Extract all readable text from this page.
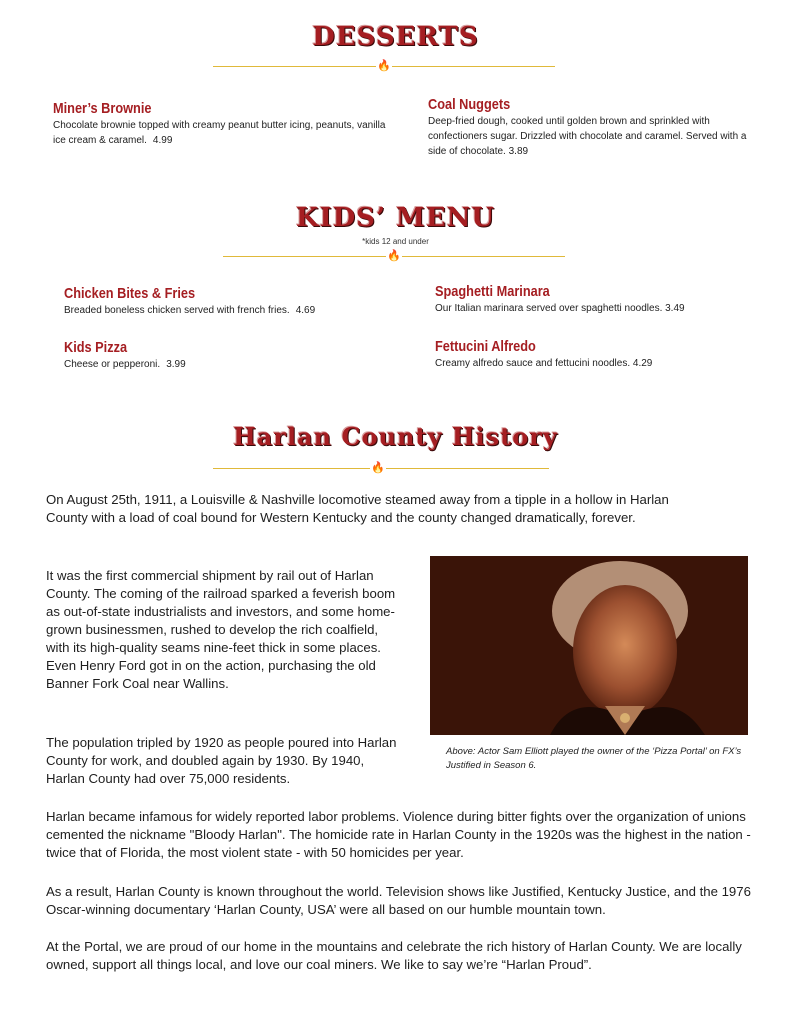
DESSERTS
🔥
Miner’s Brownie

Chocolate brownie topped with creamy peanut butter icing, peanuts, vanilla ice cream & caramel. 4.99

Coal Nuggets

Deep-fried dough, cooked until golden brown and sprinkled with confectioners sugar. Drizzled with chocolate and caramel. Served with a side of chocolate. 3.89

KIDS’ MENU

*kids 12 and under

🔥
Chicken Bites & Fries

Breaded boneless chicken served with french fries. 4.69

Spaghetti Marinara

Our Italian marinara served over spaghetti noodles. 3.49

Kids Pizza

Cheese or pepperoni. 3.99

Fettucini Alfredo

Creamy alfredo sauce and fettucini noodles. 4.29

Harlan County History
🔥

On August 25th, 1911, a Louisville & Nashville locomotive steamed away from a tipple in a hollow in Harlan County with a load of coal bound for Western Kentucky and the county changed dramatically, forever.

It was the first commercial shipment by rail out of Harlan County. The coming of the railroad sparked a feverish boom as out-of-state industrialists and investors, and some home-grown businessmen, rushed to develop the rich coalfield, with its high-quality seams nine-feet thick in some places. Even Henry Ford got in on the action, purchasing the old Banner Fork Coal near Wallins.

Above: Actor Sam Elliott played the owner of the ‘Pizza Portal’ on FX’s Justified in Season 6.

The population tripled by 1920 as people poured into Harlan County for work, and doubled again by 1930. By 1940, Harlan County had over 75,000 residents.

Harlan became infamous for widely reported labor problems. Violence during bitter fights over the organization of unions cemented the nickname "Bloody Harlan". The homicide rate in Harlan County in the 1920s was the highest in the nation - twice that of Florida, the most violent state - with 50 homicides per year.

As a result, Harlan County is known throughout the world. Television shows like Justified, Kentucky Justice, and the 1976 Oscar-winning documentary ‘Harlan County, USA’ were all based on our humble mountain town.

At the Portal, we are proud of our home in the mountains and celebrate the rich history of Harlan County. We are locally owned, support all things local, and love our coal miners. We like to say we’re “Harlan Proud”.
